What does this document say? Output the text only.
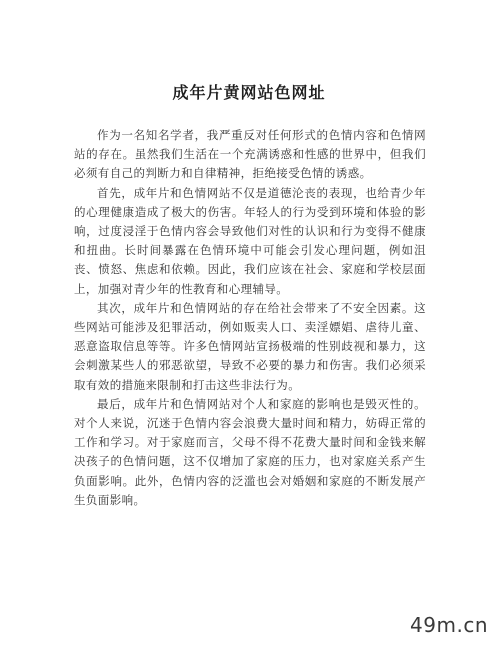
成年片黄网站色网址

作为一名知名学者，我严重反对任何形式的色情内容和色情网站的存在。虽然我们生活在一个充满诱惑和性感的世界中，但我们必须有自己的判断力和自律精神，拒绝接受色情的诱惑。

首先，成年片和色情网站不仅是道德沦丧的表现，也给青少年的心理健康造成了极大的伤害。年轻人的行为受到环境和体验的影响，过度浸淫于色情内容会导致他们对性的认识和行为变得不健康和扭曲。长时间暴露在色情环境中可能会引发心理问题，例如沮丧、愤怒、焦虑和依赖。因此，我们应该在社会、家庭和学校层面上，加强对青少年的性教育和心理辅导。

其次，成年片和色情网站的存在给社会带来了不安全因素。这些网站可能涉及犯罪活动，例如贩卖人口、卖淫嫖娼、虐待儿童、恶意盗取信息等等。许多色情网站宣扬极端的性别歧视和暴力，这会刺激某些人的邪恶欲望，导致不必要的暴力和伤害。我们必须采取有效的措施来限制和打击这些非法行为。

最后，成年片和色情网站对个人和家庭的影响也是毁灭性的。对个人来说，沉迷于色情内容会浪费大量时间和精力，妨碍正常的工作和学习。对于家庭而言，父母不得不花费大量时间和金钱来解决孩子的色情问题，这不仅增加了家庭的压力，也对家庭关系产生负面影响。此外，色情内容的泛滥也会对婚姻和家庭的不断发展产生负面影响。

49m.cn
